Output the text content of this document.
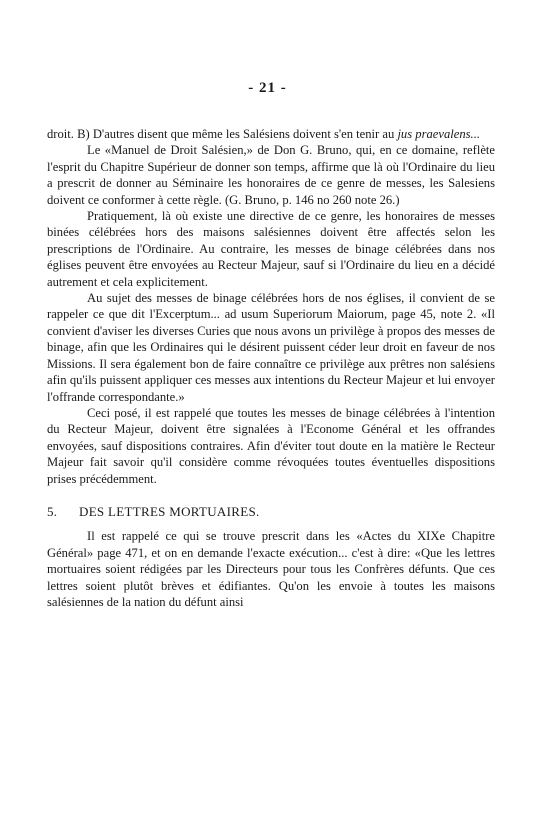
- 21 -

droit. B) D'autres disent que même les Salésiens doivent s'en tenir au jus praevalens...

Le «Manuel de Droit Salésien,» de Don G. Bruno, qui, en ce domaine, reflète l'esprit du Chapitre Supérieur de donner son temps, affirme que là où l'Ordinaire du lieu a prescrit de donner au Séminaire les honoraires de ce genre de messes, les Salesiens doivent ce conformer à cette règle. (G. Bruno, p. 146 no 260 note 26.)

Pratiquement, là où existe une directive de ce genre, les honoraires de messes binées célébrées hors des maisons salésiennes doivent être affectés selon les prescriptions de l'Ordinaire. Au contraire, les messes de binage célébrées dans nos églises peuvent être envoyées au Recteur Majeur, sauf si l'Ordinaire du lieu en a décidé autrement et cela explicitement.

Au sujet des messes de binage célébrées hors de nos églises, il convient de se rappeler ce que dit l'Excerptum... ad usum Superiorum Maiorum, page 45, note 2. «Il convient d'aviser les diverses Curies que nous avons un privilège à propos des messes de binage, afin que les Ordinaires qui le désirent puissent céder leur droit en faveur de nos Missions. Il sera également bon de faire connaître ce privilège aux prêtres non salésiens afin qu'ils puissent appliquer ces messes aux intentions du Recteur Majeur et lui envoyer l'offrande correspondante.»

Ceci posé, il est rappelé que toutes les messes de binage célébrées à l'intention du Recteur Majeur, doivent être signalées à l'Econome Général et les offrandes envoyées, sauf dispositions contraires. Afin d'éviter tout doute en la matière le Recteur Majeur fait savoir qu'il considère comme révoquées toutes éventuelles dispositions prises précédemment.

5. DES LETTRES MORTUAIRES.

Il est rappelé ce qui se trouve prescrit dans les «Actes du XIXe Chapitre Général» page 471, et on en demande l'exacte exécution... c'est à dire: «Que les lettres mortuaires soient rédigées par les Directeurs pour tous les Confrères défunts. Que ces lettres soient plutôt brèves et édifiantes. Qu'on les envoie à toutes les maisons salésiennes de la nation du défunt ainsi
